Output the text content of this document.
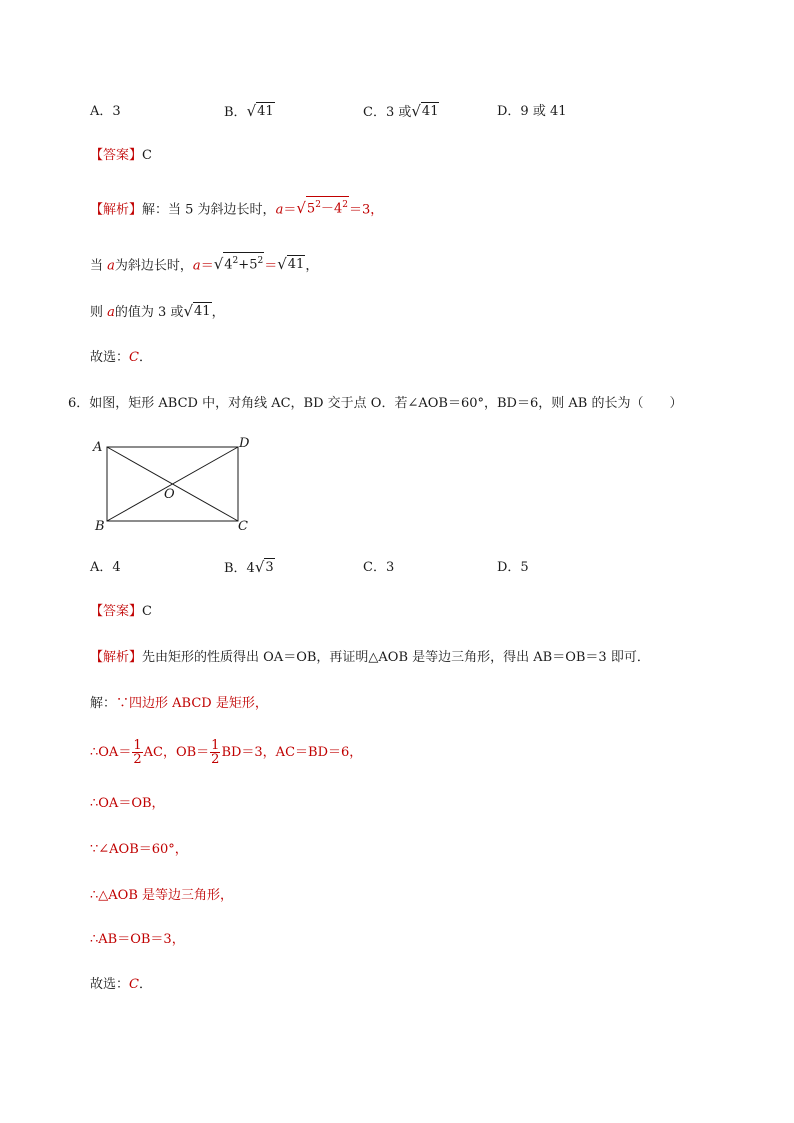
A．3	B． √ 41	C．3 或 √ 41	D．9 或 41
【答案】C
【解析】解：当 5 为斜边长时，a＝ √ $5^2-4^2 =3$，
当 a为斜边长时，a＝ √ $4^2+5^2$ ＝ √ 41 ，
则 a的值为 3 或 √ 41 ，
故选：C．
6．如图，矩形 ABCD 中，对角线 AC，BD 交于点 O．若∠AOB＝60°，BD＝6，则 AB 的长为（　　）
A	D
B	C
O
A．4	B．4 √ 3	C．3	D．5
【答案】C
【解析】先由矩形的性质得出 OA＝OB，再证明△AOB 是等边三角形，得出 AB＝OB＝3 即可．
解：∵四边形 ABCD 是矩形，
∴OA＝ $\frac{1}{2}$ AC，$OB= \frac{1}{2} BD=3$，AC＝BD＝6，
∴OA＝OB，
∵∠AOB＝60°，
∴△AOB 是等边三角形，
∴AB＝OB＝3，
故选：C．
